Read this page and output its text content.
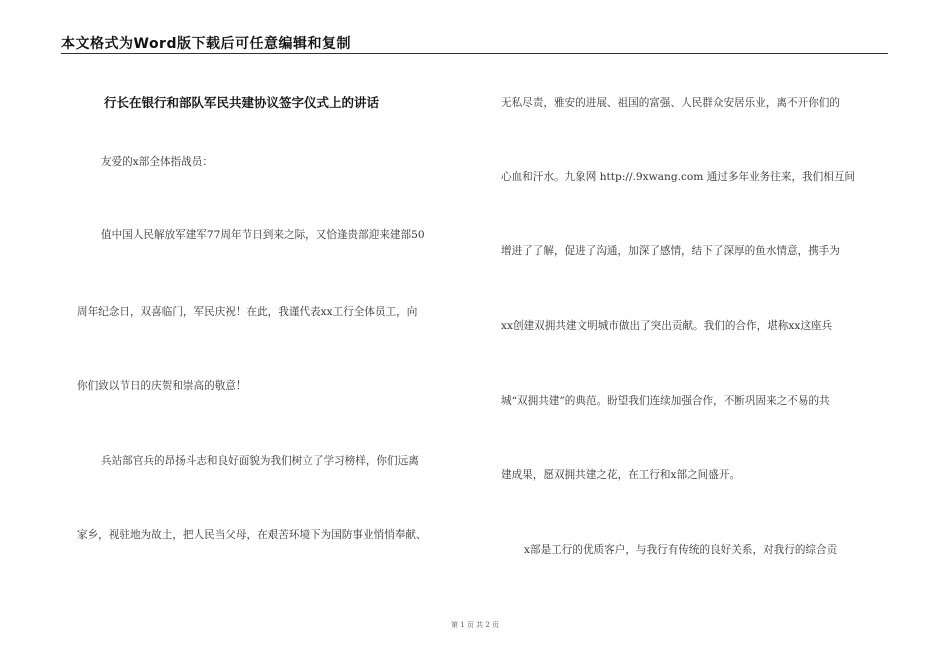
本文格式为Word版下载后可任意编辑和复制
行长在银行和部队军民共建协议签字仪式上的讲话
友爱的x部全体指战员：
值中国人民解放军建军77周年节日到来之际，又恰逢贵部迎来建部50
周年纪念日，双喜临门，军民庆祝！在此，我谨代表xx工行全体员工，向
你们致以节日的庆贺和崇高的敬意！
兵站部官兵的昂扬斗志和良好面貌为我们树立了学习榜样，你们远离
家乡，视驻地为故土，把人民当父母，在艰苦环境下为国防事业悄悄奉献、
无私尽责，雅安的进展、祖国的富强、人民群众安居乐业，离不开你们的
心血和汗水。九象网 http://.9xwang.com 通过多年业务往来，我们相互间
增进了了解，促进了沟通，加深了感情，结下了深厚的鱼水情意，携手为
xx创建双拥共建文明城市做出了突出贡献。我们的合作，堪称xx这座兵
城“双拥共建”的典范。盼望我们连续加强合作，不断巩固来之不易的共
建成果，愿双拥共建之花，在工行和x部之间盛开。
x部是工行的优质客户，与我行有传统的良好关系，对我行的综合贡
第 1 页 共 2 页
